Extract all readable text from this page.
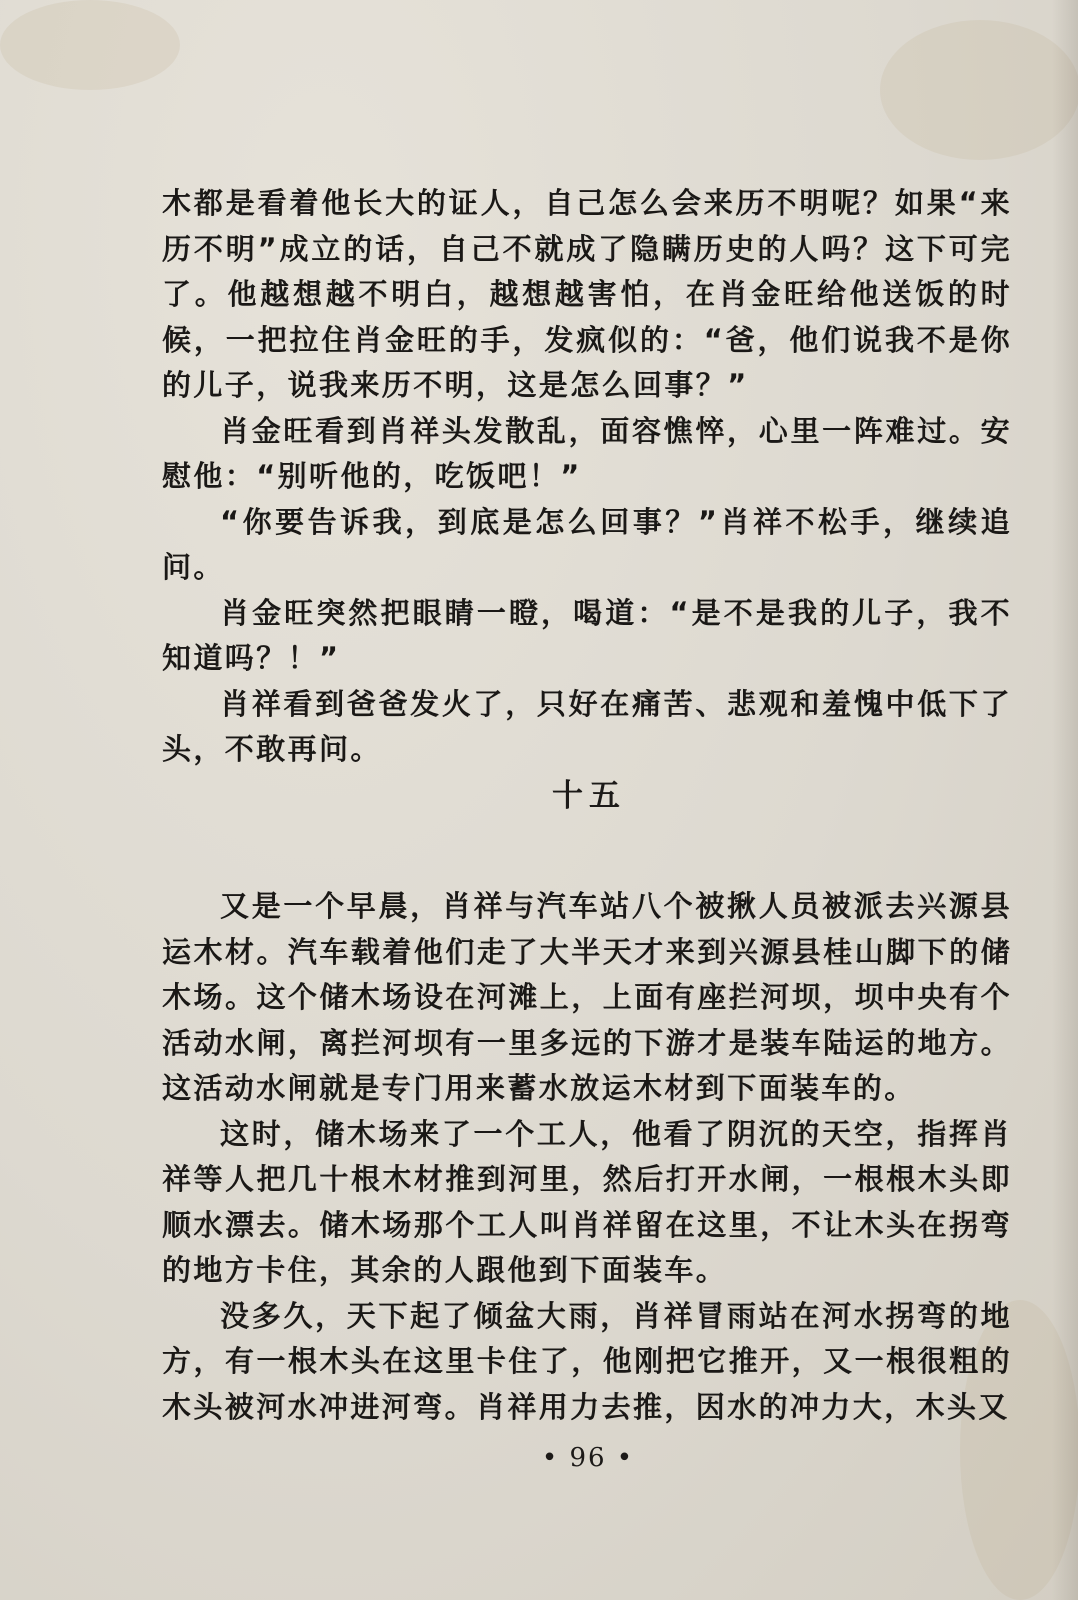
木都是看着他长大的证人，自己怎么会来历不明呢？如果“来历不明”成立的话，自己不就成了隐瞒历史的人吗？这下可完了。他越想越不明白，越想越害怕，在肖金旺给他送饭的时候，一把拉住肖金旺的手，发疯似的：“爸，他们说我不是你的儿子，说我来历不明，这是怎么回事？”

肖金旺看到肖祥头发散乱，面容憔悴，心里一阵难过。安慰他：“别听他的，吃饭吧！”

“你要告诉我，到底是怎么回事？”肖祥不松手，继续追问。

肖金旺突然把眼睛一瞪，喝道：“是不是我的儿子，我不知道吗？！”

肖祥看到爸爸发火了，只好在痛苦、悲观和羞愧中低下了头，不敢再问。

十五

又是一个早晨，肖祥与汽车站八个被揪人员被派去兴源县运木材。汽车载着他们走了大半天才来到兴源县桂山脚下的储木场。这个储木场设在河滩上，上面有座拦河坝，坝中央有个活动水闸，离拦河坝有一里多远的下游才是装车陆运的地方。这活动水闸就是专门用来蓄水放运木材到下面装车的。

这时，储木场来了一个工人，他看了阴沉的天空，指挥肖祥等人把几十根木材推到河里，然后打开水闸，一根根木头即顺水漂去。储木场那个工人叫肖祥留在这里，不让木头在拐弯的地方卡住，其余的人跟他到下面装车。

没多久，天下起了倾盆大雨，肖祥冒雨站在河水拐弯的地方，有一根木头在这里卡住了，他刚把它推开，又一根很粗的木头被河水冲进河弯。肖祥用力去推，因水的冲力大，木头又

• 96 •
